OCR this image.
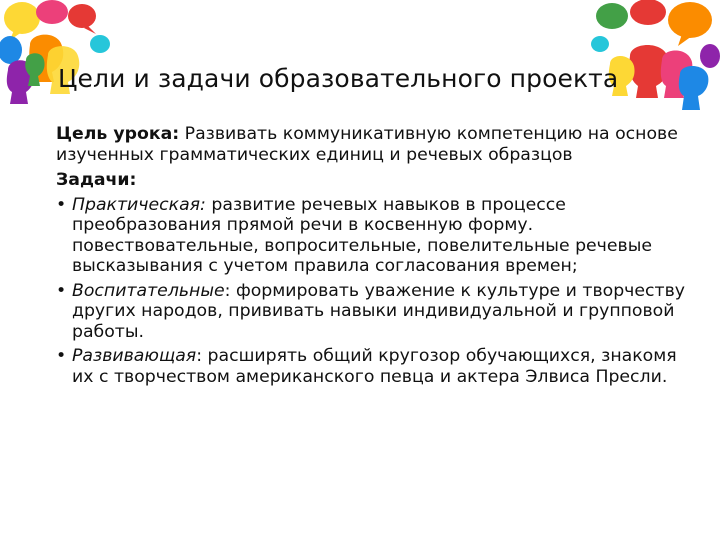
Цели и задачи образовательного проекта

Цель урока: Развивать коммуникативную компетенцию на основе изученных грамматических единиц и речевых образцов

Задачи:

• Практическая: развитие речевых навыков в процессе преобразования прямой речи в косвенную форму. повествовательные, вопросительные, повелительные речевые высказывания с учетом правила согласования времен;
• Воспитательные: формировать уважение к культуре и творчеству других народов, прививать навыки индивидуальной и групповой работы.
• Развивающая: расширять общий кругозор обучающихся, знакомя их с творчеством американского певца и актера Элвиса Пресли.
